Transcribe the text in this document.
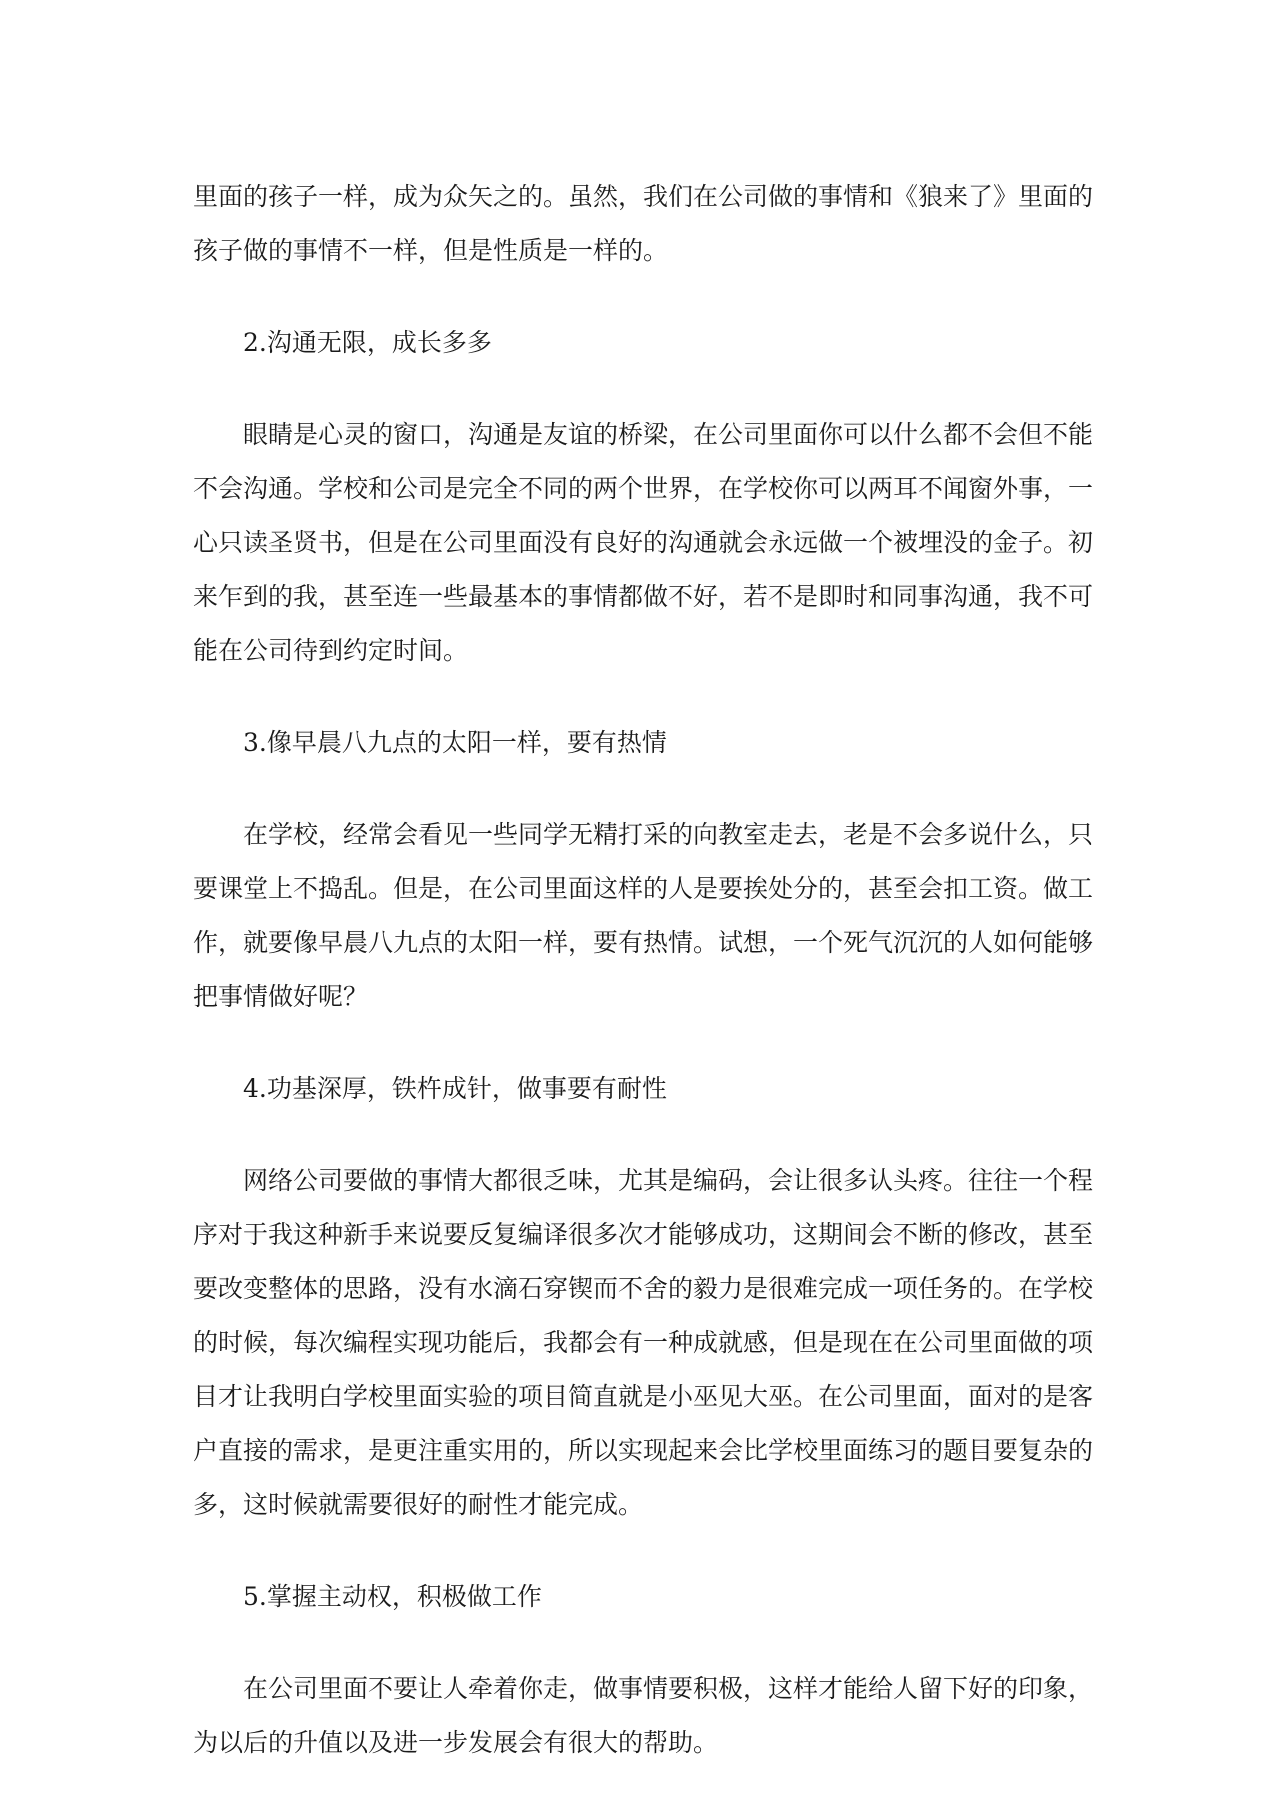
里面的孩子一样，成为众矢之的。虽然，我们在公司做的事情和《狼来了》里面的孩子做的事情不一样，但是性质是一样的。

2.沟通无限，成长多多

眼睛是心灵的窗口，沟通是友谊的桥梁，在公司里面你可以什么都不会但不能不会沟通。学校和公司是完全不同的两个世界，在学校你可以两耳不闻窗外事，一心只读圣贤书，但是在公司里面没有良好的沟通就会永远做一个被埋没的金子。初来乍到的我，甚至连一些最基本的事情都做不好，若不是即时和同事沟通，我不可能在公司待到约定时间。

3.像早晨八九点的太阳一样，要有热情

在学校，经常会看见一些同学无精打采的向教室走去，老是不会多说什么，只要课堂上不捣乱。但是，在公司里面这样的人是要挨处分的，甚至会扣工资。做工作，就要像早晨八九点的太阳一样，要有热情。试想，一个死气沉沉的人如何能够把事情做好呢？

4.功基深厚，铁杵成针，做事要有耐性

网络公司要做的事情大都很乏味，尤其是编码，会让很多认头疼。往往一个程序对于我这种新手来说要反复编译很多次才能够成功，这期间会不断的修改，甚至要改变整体的思路，没有水滴石穿锲而不舍的毅力是很难完成一项任务的。在学校的时候，每次编程实现功能后，我都会有一种成就感，但是现在在公司里面做的项目才让我明白学校里面实验的项目简直就是小巫见大巫。在公司里面，面对的是客户直接的需求，是更注重实用的，所以实现起来会比学校里面练习的题目要复杂的多，这时候就需要很好的耐性才能完成。

5.掌握主动权，积极做工作

在公司里面不要让人牵着你走，做事情要积极，这样才能给人留下好的印象，为以后的升值以及进一步发展会有很大的帮助。
